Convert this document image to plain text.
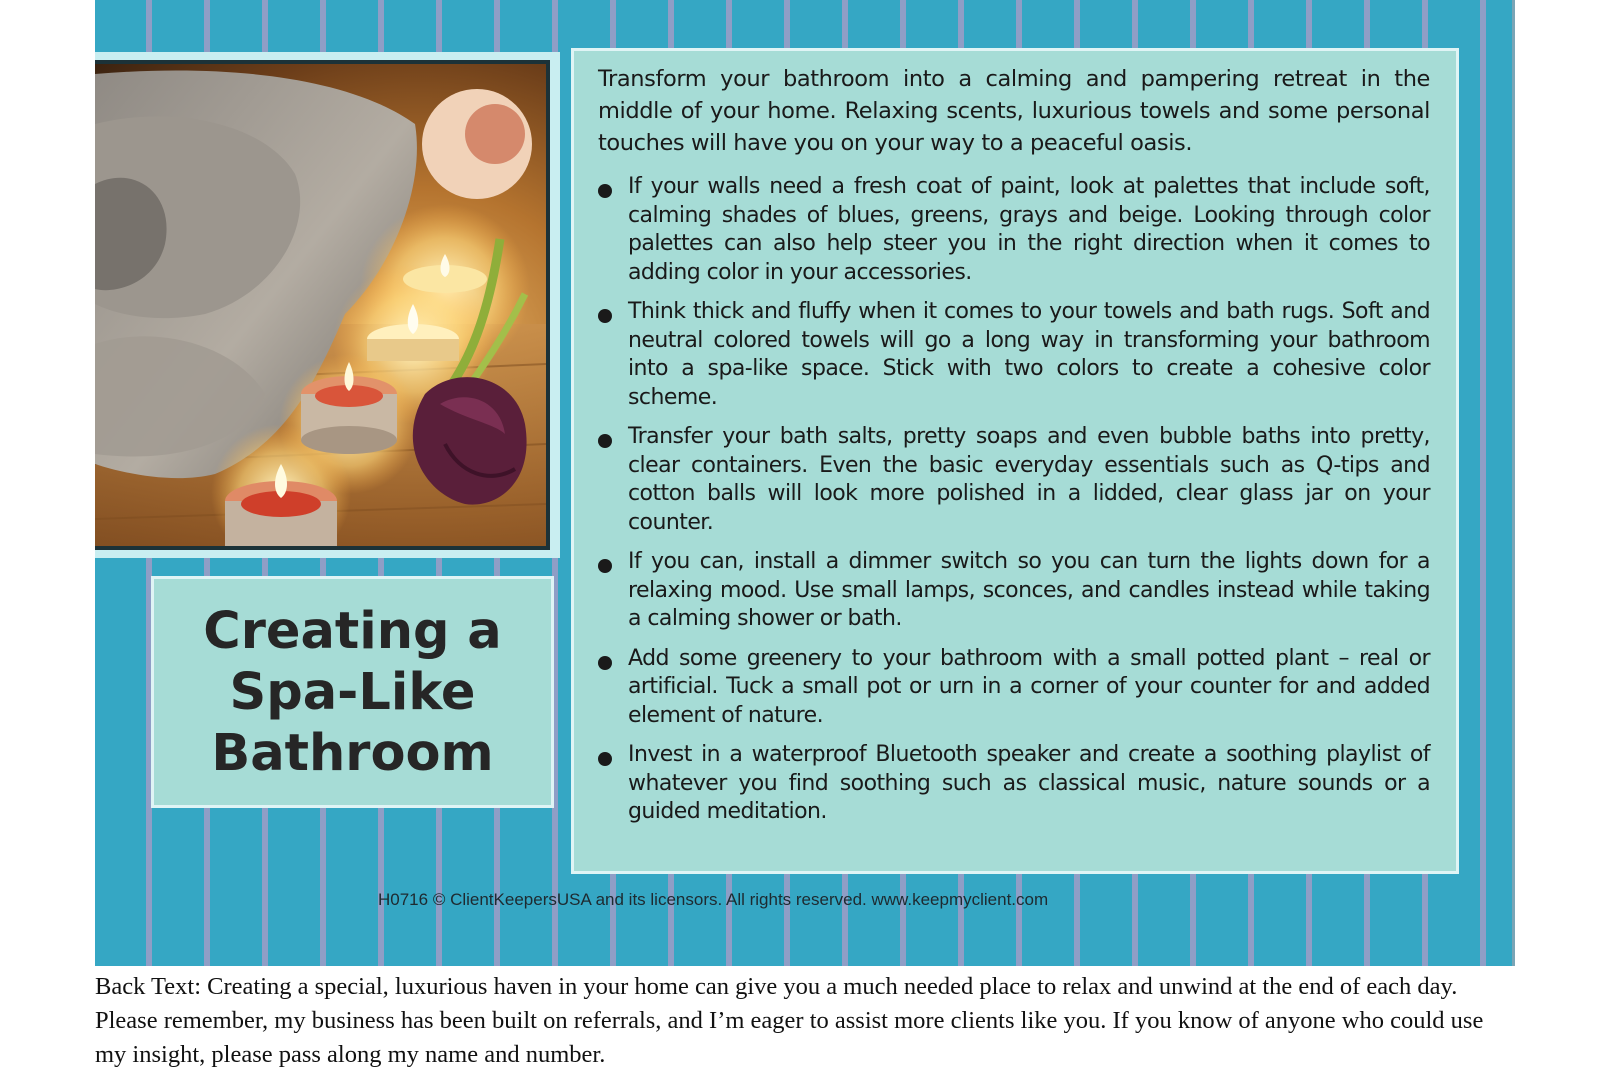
Creating a
Spa-Like
Bathroom

Transform your bathroom into a calming and pampering retreat in the middle of your home. Relaxing scents, luxurious towels and some personal touches will have you on your way to a peaceful oasis.

If your walls need a fresh coat of paint, look at palettes that include soft, calming shades of blues, greens, grays and beige. Looking through color palettes can also help steer you in the right direction when it comes to adding color in your accessories.
Think thick and fluffy when it comes to your towels and bath rugs. Soft and neutral colored towels will go a long way in transforming your bathroom into a spa-like space. Stick with two colors to create a cohesive color scheme.
Transfer your bath salts, pretty soaps and even bubble baths into pretty, clear containers. Even the basic everyday essentials such as Q-tips and cotton balls will look more polished in a lidded, clear glass jar on your counter.
If you can, install a dimmer switch so you can turn the lights down for a relaxing mood. Use small lamps, sconces, and candles instead while taking a calming shower or bath.
Add some greenery to your bathroom with a small potted plant – real or artificial. Tuck a small pot or urn in a corner of your counter for and added element of nature.
Invest in a waterproof Bluetooth speaker and create a soothing playlist of whatever you find soothing such as classical music, nature sounds or a guided meditation.
H0716 © ClientKeepersUSA and its licensors. All rights reserved. www.keepmyclient.com

Back Text: Creating a special, luxurious haven in your home can give you a much needed place to relax and unwind at the end of each day. Please remember, my business has been built on referrals, and I’m eager to assist more clients like you. If you know of anyone who could use my insight, please pass along my name and number.
